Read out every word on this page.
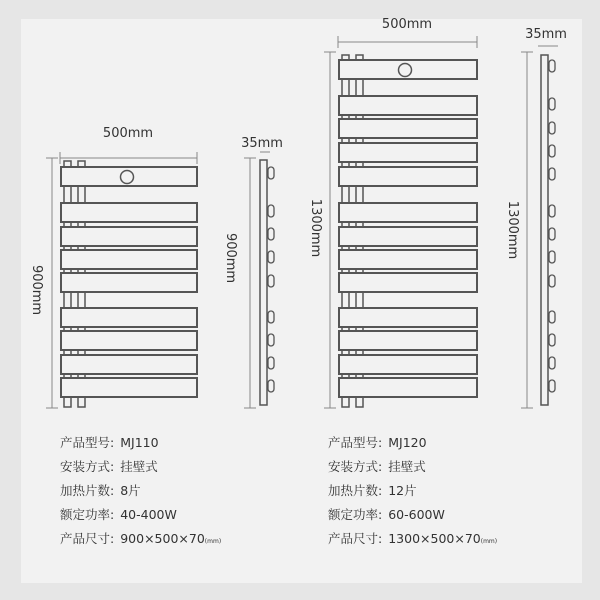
500mm
900mm
35mm
900mm
500mm
1300mm
35mm
1300mm
产品型号: MJ110
安装方式: 挂壁式
加热片数: 8片
额定功率: 40-400W
产品尺寸: 900×500×70(mm)
产品型号: MJ120
安装方式: 挂壁式
加热片数: 12片
额定功率: 60-600W
产品尺寸: 1300×500×70(mm)
